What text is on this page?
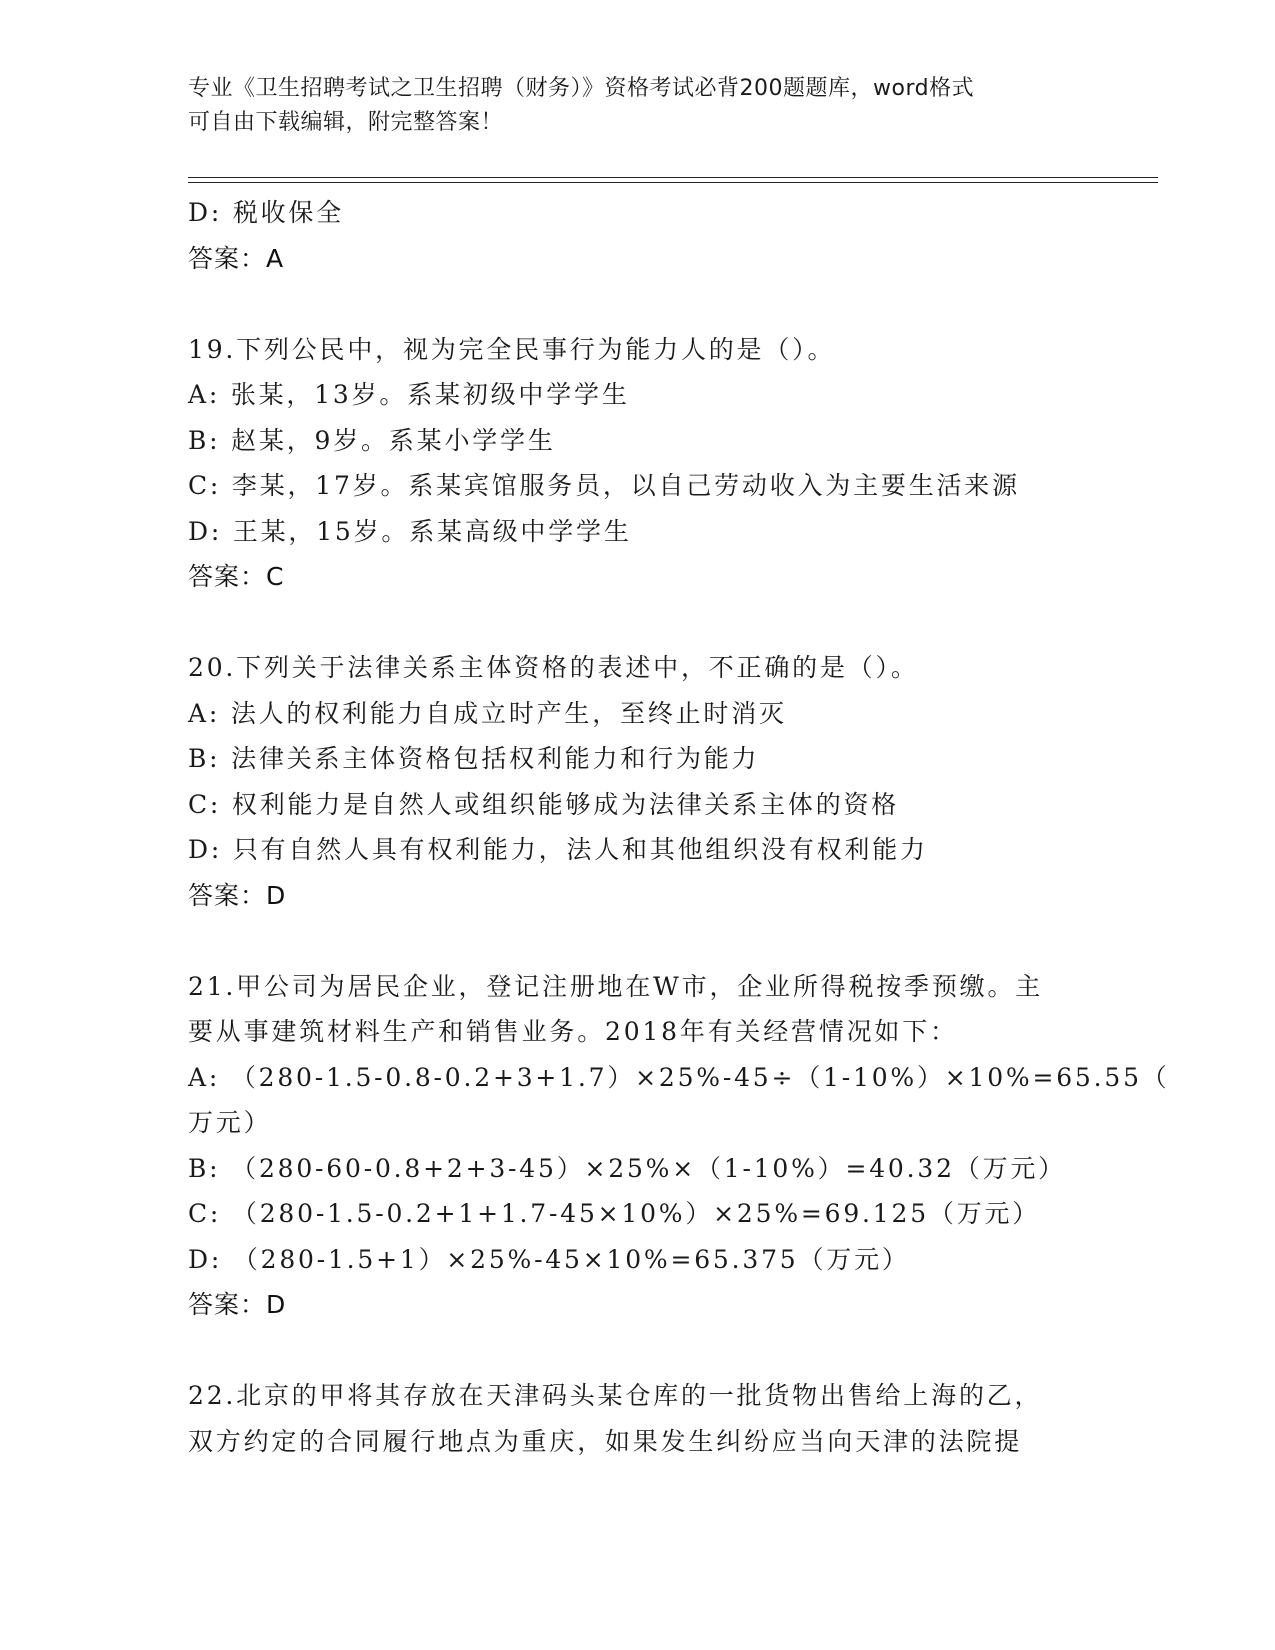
专业《卫生招聘考试之卫生招聘（财务）》资格考试必背200题题库，word格式
可自由下载编辑，附完整答案！
D: 税收保全
答案：A
19.下列公民中，视为完全民事行为能力人的是（）。
A: 张某，13岁。系某初级中学学生
B: 赵某，9岁。系某小学学生
C: 李某，17岁。系某宾馆服务员，以自己劳动收入为主要生活来源
D: 王某，15岁。系某高级中学学生
答案：C
20.下列关于法律关系主体资格的表述中，不正确的是（）。
A: 法人的权利能力自成立时产生，至终止时消灭
B: 法律关系主体资格包括权利能力和行为能力
C: 权利能力是自然人或组织能够成为法律关系主体的资格
D: 只有自然人具有权利能力，法人和其他组织没有权利能力
答案：D
21.甲公司为居民企业，登记注册地在W市，企业所得税按季预缴。主
要从事建筑材料生产和销售业务。2018年有关经营情况如下：
A: （280-1.5-0.8-0.2+3+1.7）×25%-45÷（1-10%）×10%=65.55（
万元）
B: （280-60-0.8+2+3-45）×25%×（1-10%）=40.32（万元）
C: （280-1.5-0.2+1+1.7-45×10%）×25%=69.125（万元）
D: （280-1.5+1）×25%-45×10%=65.375（万元）
答案：D
22.北京的甲将其存放在天津码头某仓库的一批货物出售给上海的乙，
双方约定的合同履行地点为重庆，如果发生纠纷应当向天津的法院提
